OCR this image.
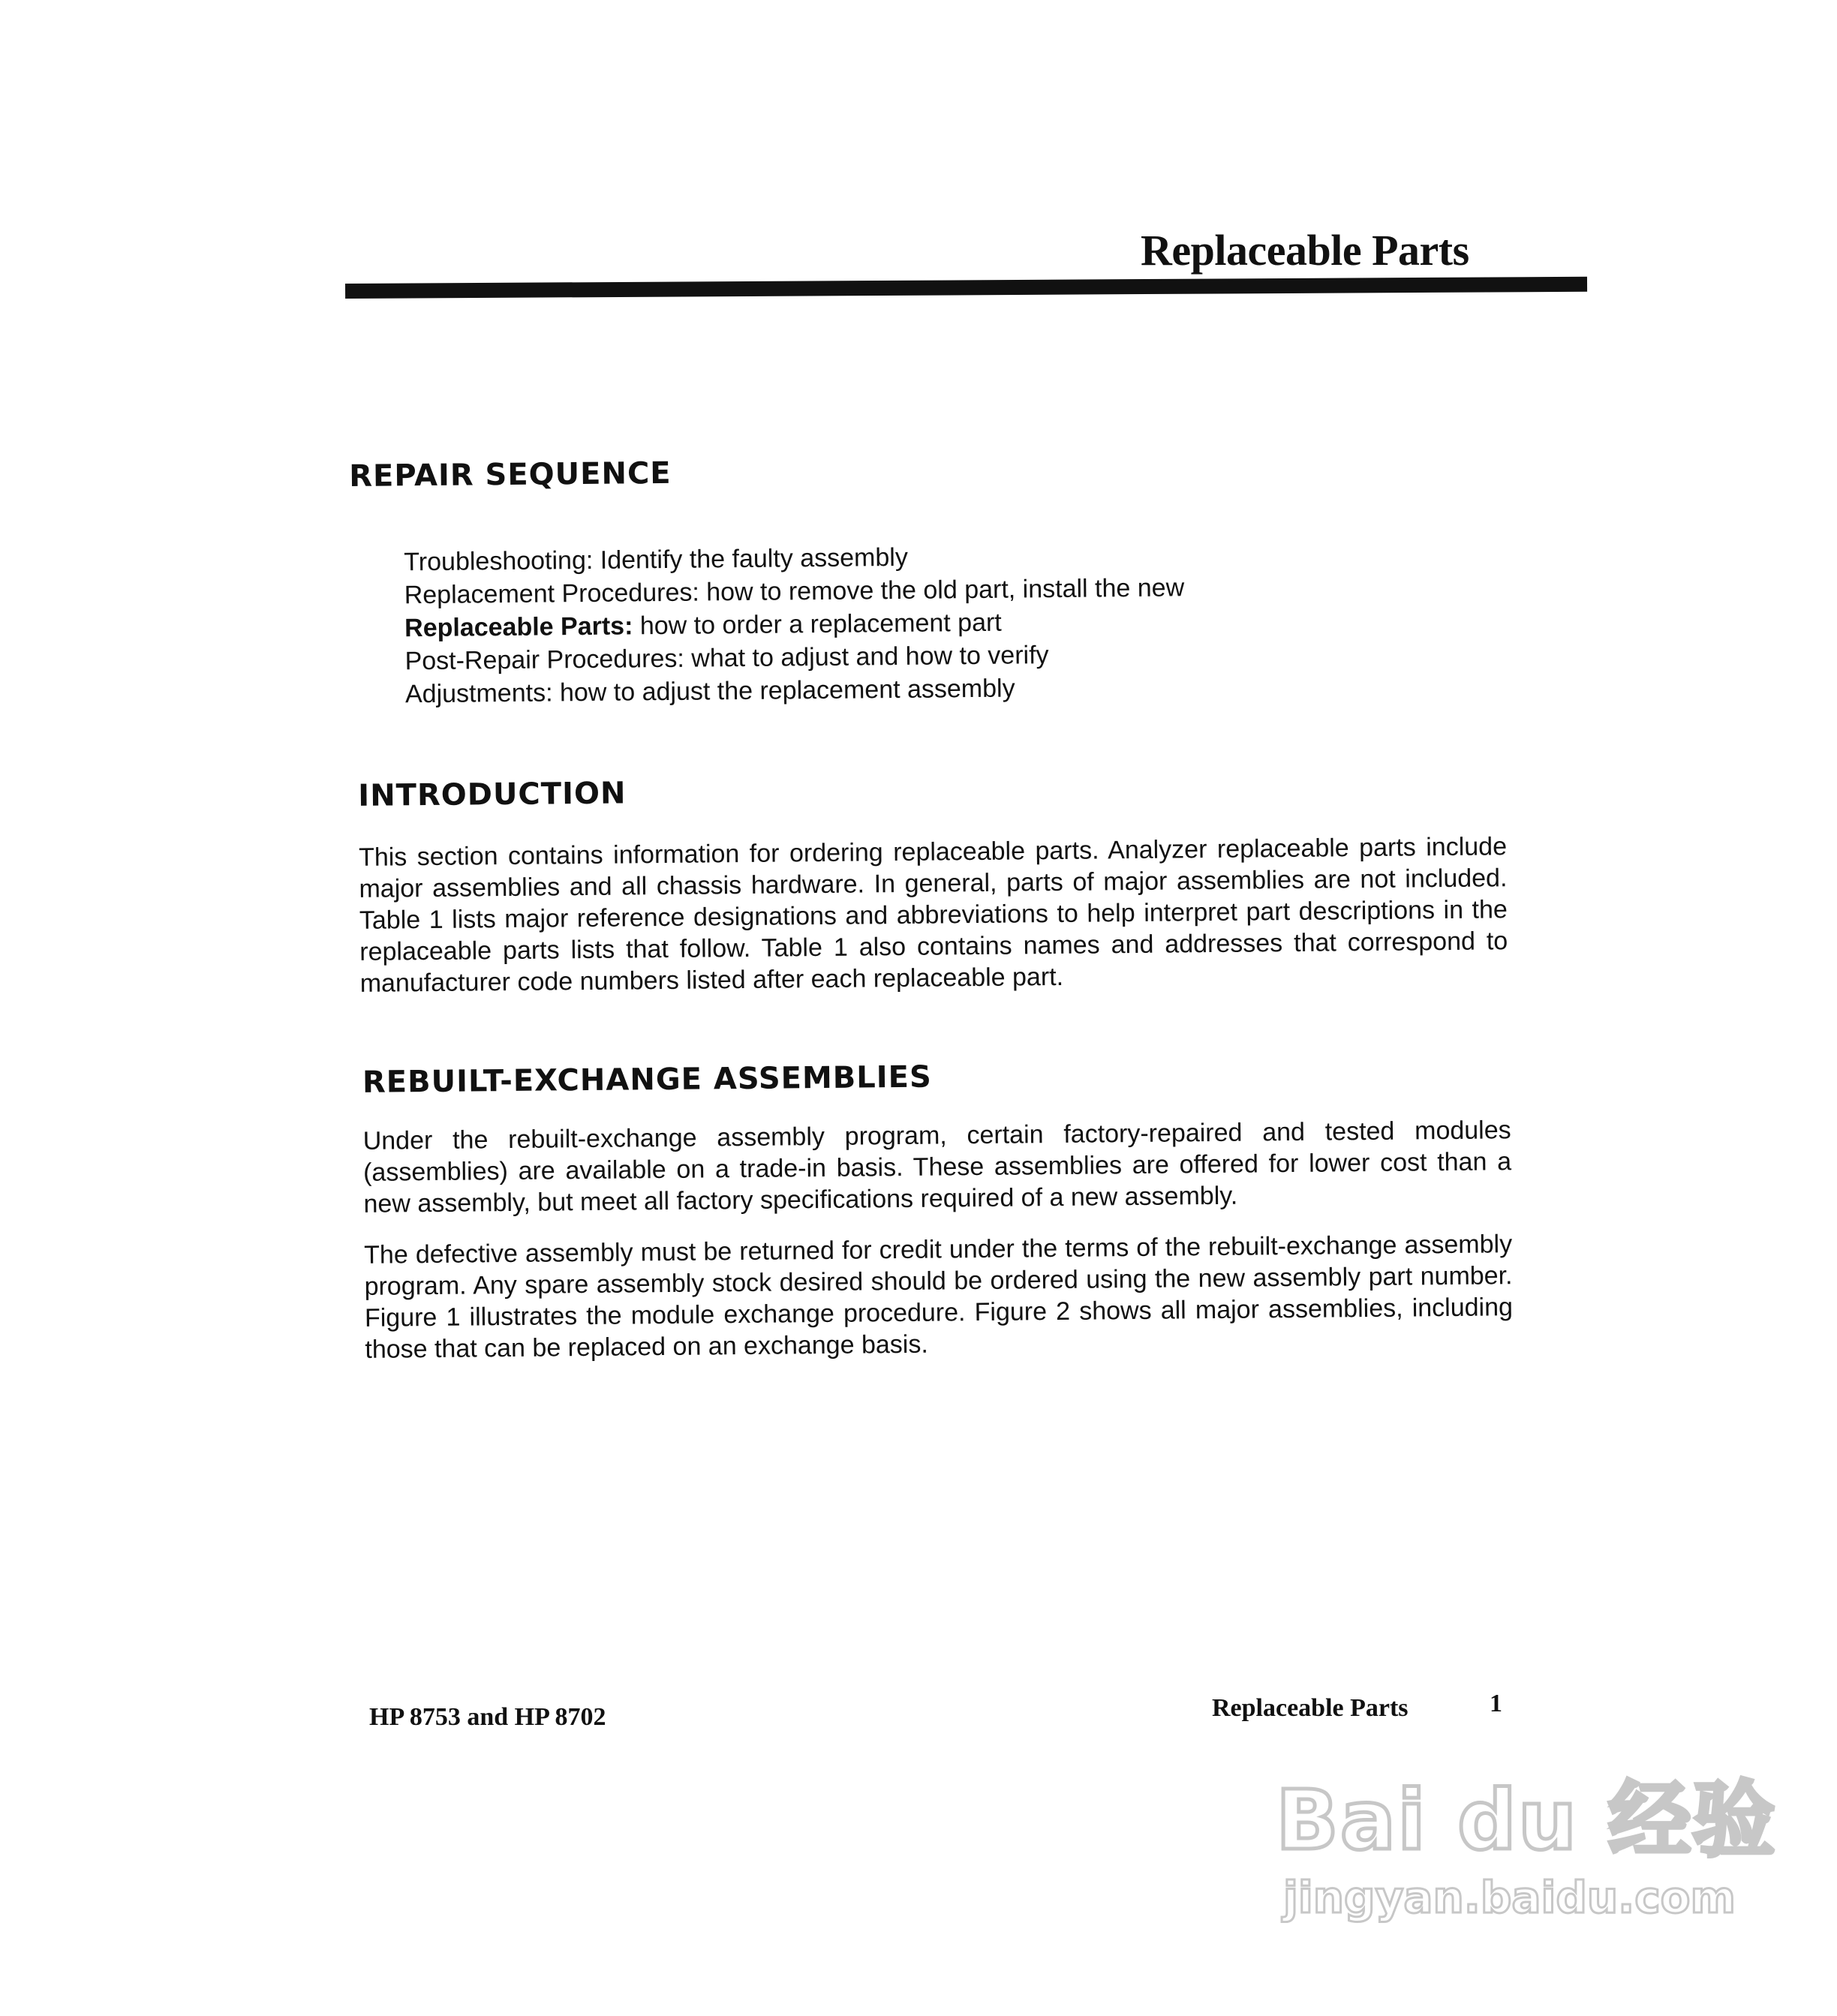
Replaceable Parts
REPAIR SEQUENCE
Troubleshooting: Identify the faulty assembly
Replacement Procedures: how to remove the old part, install the new
Replaceable Parts: how to order a replacement part
Post-Repair Procedures: what to adjust and how to verify
Adjustments: how to adjust the replacement assembly
INTRODUCTION

This section contains information for ordering replaceable parts. Analyzer replaceable parts include major assemblies and all chassis hardware. In general, parts of major assemblies are not included. Table 1 lists major reference designations and abbreviations to help interpret part descriptions in the replaceable parts lists that follow. Table 1 also contains names and addresses that correspond to manufacturer code numbers listed after each replaceable part.

REBUILT-EXCHANGE ASSEMBLIES

Under the rebuilt-exchange assembly program, certain factory-repaired and tested modules (assemblies) are available on a trade-in basis. These assemblies are offered for lower cost than a new assembly, but meet all factory specifications required of a new assembly.

The defective assembly must be returned for credit under the terms of the rebuilt-exchange assembly program. Any spare assembly stock desired should be ordered using the new assembly part number. Figure 1 illustrates the module exchange procedure. Figure 2 shows all major assemblies, including those that can be replaced on an exchange basis.

HP 8753 and HP 8702	Replaceable Parts	1
Bai du 经验
jingyan.baidu.com
